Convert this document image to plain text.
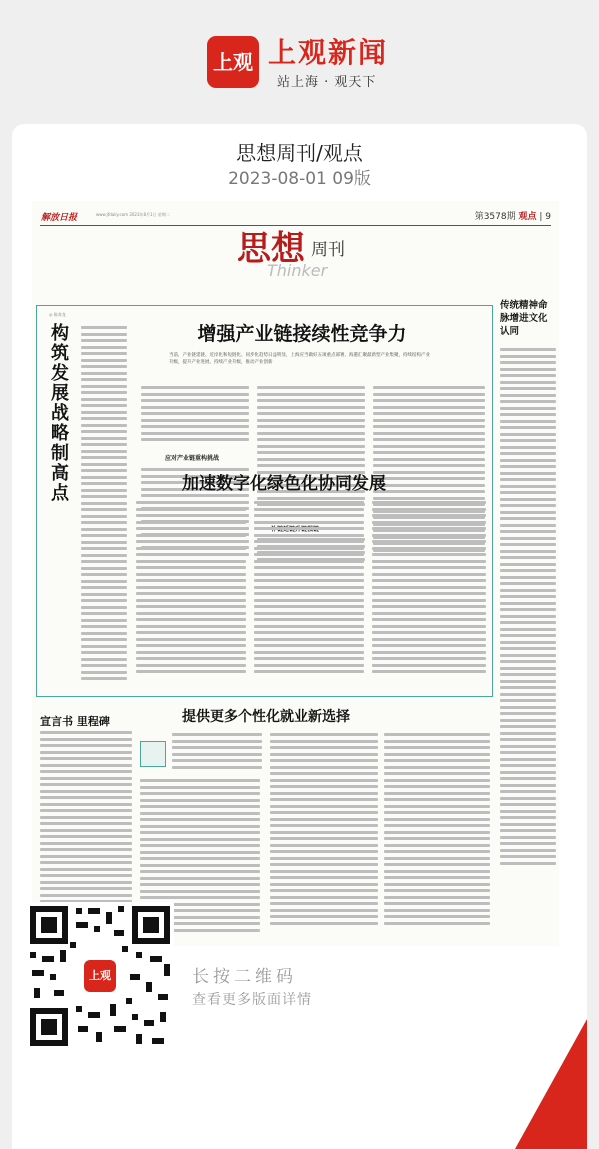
上观 上观新闻
站上海 · 观天下
思想周刊/观点
2023-08-01 09版
解放日报	www.jfdaily.com 2023年8月1日 星期二	第3578期 观点 | 9
思想 周刊
Thinker
◎ 陈寿龙
构筑发展战略制高点
增强产业链接续性竞争力
当前，产业链延链、近岸化和短链化、同步化趋势日益明显，上海应当做好五项重点部署，海港汇聚最新型产业集聚，持续结构产业升级，提升产业进展、持续产业升级，推动产业创新
应对产业链重构挑战
加速数字化绿色化协同发展
传统精神命脉增进文化认同
宣言书 里程碑	提供更多个性化就业新选择
上观	长按二维码
查看更多版面详情
